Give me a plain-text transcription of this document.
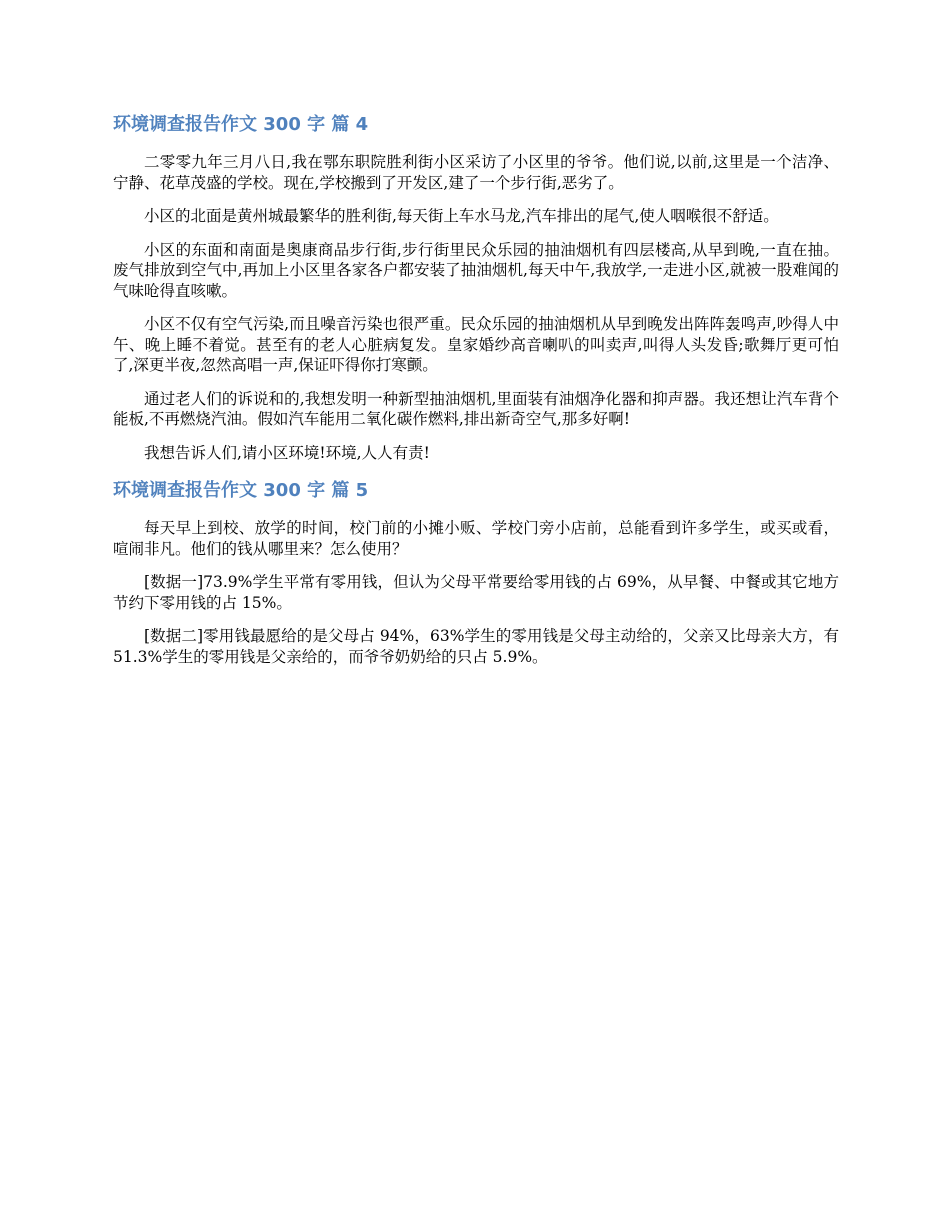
环境调查报告作文 300 字 篇 4

二零零九年三月八日,我在鄂东职院胜利街小区采访了小区里的爷爷。他们说,以前,这里是一个洁净、宁静、花草茂盛的学校。现在,学校搬到了开发区,建了一个步行街,恶劣了。

小区的北面是黄州城最繁华的胜利街,每天街上车水马龙,汽车排出的尾气,使人咽喉很不舒适。

小区的东面和南面是奥康商品步行街,步行街里民众乐园的抽油烟机有四层楼高,从早到晚,一直在抽。废气排放到空气中,再加上小区里各家各户都安装了抽油烟机,每天中午,我放学,一走进小区,就被一股难闻的气味呛得直咳嗽。

小区不仅有空气污染,而且噪音污染也很严重。民众乐园的抽油烟机从早到晚发出阵阵轰鸣声,吵得人中午、晚上睡不着觉。甚至有的老人心脏病复发。皇家婚纱高音喇叭的叫卖声,叫得人头发昏;歌舞厅更可怕了,深更半夜,忽然高唱一声,保证吓得你打寒颤。

通过老人们的诉说和的,我想发明一种新型抽油烟机,里面装有油烟净化器和抑声器。我还想让汽车背个能板,不再燃烧汽油。假如汽车能用二氧化碳作燃料,排出新奇空气,那多好啊!

我想告诉人们,请小区环境!环境,人人有责!

环境调查报告作文 300 字 篇 5

每天早上到校、放学的时间，校门前的小摊小贩、学校门旁小店前，总能看到许多学生，或买或看，喧闹非凡。他们的钱从哪里来？怎么使用？

[数据一]73.9%学生平常有零用钱，但认为父母平常要给零用钱的占 69%，从早餐、中餐或其它地方节约下零用钱的占 15%。

[数据二]零用钱最愿给的是父母占 94%，63%学生的零用钱是父母主动给的，父亲又比母亲大方，有 51.3%学生的零用钱是父亲给的，而爷爷奶奶给的只占 5.9%。
